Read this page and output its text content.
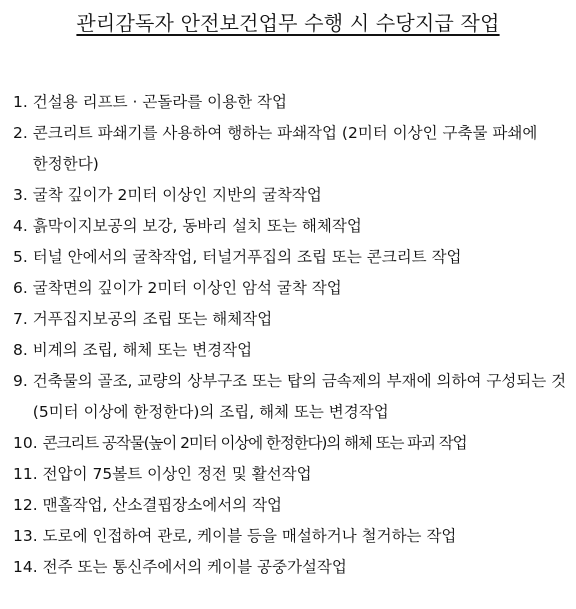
관리감독자 안전보건업무 수행 시 수당지급 작업
1. 건설용 리프트 · 곤돌라를 이용한 작업
2. 콘크리트 파쇄기를 사용하여 행하는 파쇄작업 (2미터 이상인 구축물 파쇄에 한정한다)
3. 굴착 깊이가 2미터 이상인 지반의 굴착작업
4. 흙막이지보공의 보강, 동바리 설치 또는 해체작업
5. 터널 안에서의 굴착작업, 터널거푸집의 조립 또는 콘크리트 작업
6. 굴착면의 깊이가 2미터 이상인 암석 굴착 작업
7. 거푸집지보공의 조립 또는 해체작업
8. 비계의 조립, 해체 또는 변경작업
9. 건축물의 골조, 교량의 상부구조 또는 탑의 금속제의 부재에 의하여 구성되는 것(5미터 이상에 한정한다)의 조립, 해체 또는 변경작업
10. 콘크리트 공작물(높이 2미터 이상에 한정한다)의 해체 또는 파괴 작업
11. 전압이 75볼트 이상인 정전 및 활선작업
12. 맨홀작업, 산소결핍장소에서의 작업
13. 도로에 인접하여 관로, 케이블 등을 매설하거나 철거하는 작업
14. 전주 또는 통신주에서의 케이블 공중가설작업
